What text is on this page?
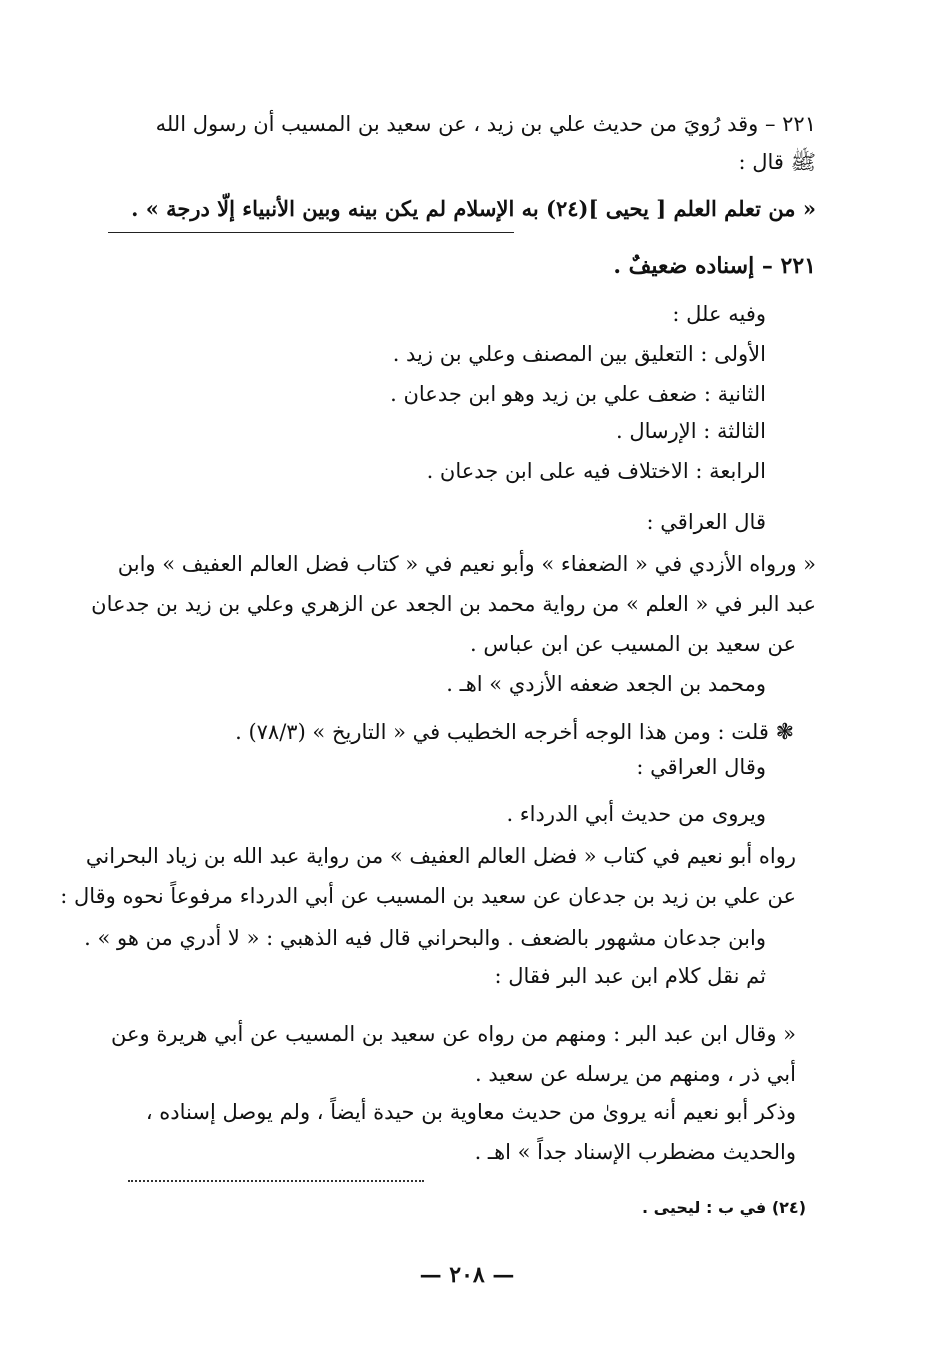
٢٢١ – وقد رُويَ من حديث علي بن زيد ، عن سعيد بن المسيب أن رسول الله
ﷺ قال :
« من تعلم العلم [ يحيى ](٢٤) به الإسلام لم يكن بينه وبين الأنبياء إلّا درجة » .
٢٢١ – إسناده ضعيفٌ .
وفيه علل :
الأولى : التعليق بين المصنف وعلي بن زيد .
الثانية : ضعف علي بن زيد وهو ابن جدعان .
الثالثة : الإرسال .
الرابعة : الاختلاف فيه على ابن جدعان .
قال العراقي :
« ورواه الأزدي في « الضعفاء » وأبو نعيم في « كتاب فضل العالم العفيف » وابن
عبد البر في « العلم » من رواية محمد بن الجعد عن الزهري وعلي بن زيد بن جدعان
عن سعيد بن المسيب عن ابن عباس .
ومحمد بن الجعد ضعفه الأزدي » اهـ .
❃ قلت : ومن هذا الوجه أخرجه الخطيب في « التاريخ » (٧٨/٣) .
وقال العراقي :
ويروى من حديث أبي الدرداء .
رواه أبو نعيم في كتاب « فضل العالم العفيف » من رواية عبد الله بن زياد البحراني
عن علي بن زيد بن جدعان عن سعيد بن المسيب عن أبي الدرداء مرفوعاً نحوه وقال :
وابن جدعان مشهور بالضعف . والبحراني قال فيه الذهبي : « لا أدري من هو » .
ثم نقل كلام ابن عبد البر فقال :
« وقال ابن عبد البر : ومنهم من رواه عن سعيد بن المسيب عن أبي هريرة وعن
أبي ذر ، ومنهم من يرسله عن سعيد .
وذكر أبو نعيم أنه يروىٰ من حديث معاوية بن حيدة أيضاً ، ولم يوصل إسناده ،
والحديث مضطرب الإسناد جداً » اهـ .
(٢٤) في ب : ليحيى .
— ٢٠٨ —
